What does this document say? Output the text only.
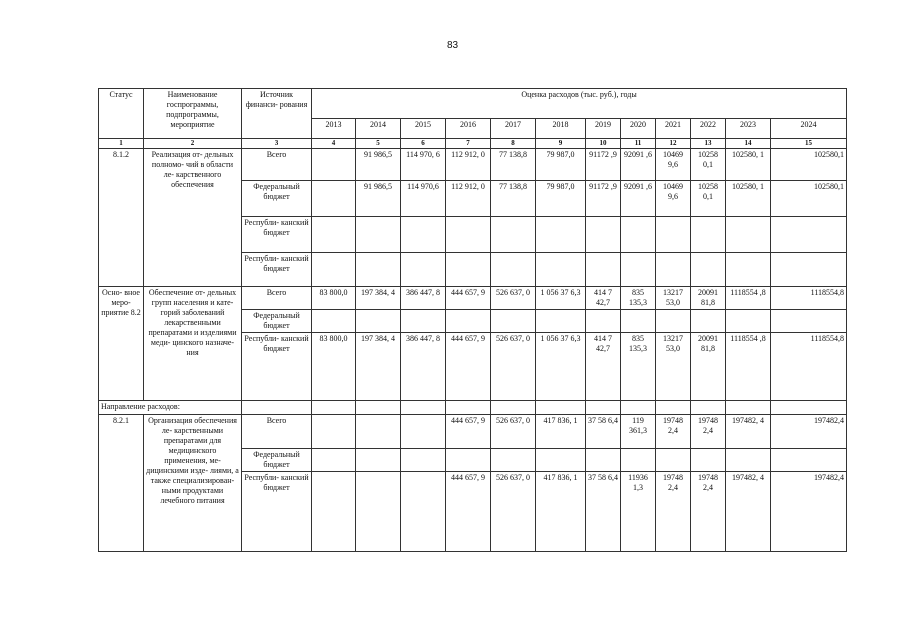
83
Статус	Наименование госпрограммы, подпрограммы, мероприятие	Источник финанси- рования	Оценка расходов (тыс. руб.), годы											
			2013	2014	2015	2016	2017	2018	2019	2020	2021	2022	2023	2024
1	2	3	4	5	6	7	8	9	10	11	12	13	14	15
8.1.2	Реализация от- дельных полномо- чий в области ле- карственного обеспечения	Всего		91 986,5	114 970, 6	112 912, 0	77 138,8	79 987,0	91172 ,9	92091 ,6	10469 9,6	10258 0,1	102580, 1	102580,1
		Федеральный бюджет		91 986,5	114 970,6	112 912, 0	77 138,8	79 987,0	91172 ,9	92091 ,6	10469 9,6	10258 0,1	102580, 1	102580,1
		Республи- канский бюджет												
		Республи- канский бюджет												
Осно- вное меро- приятие 8.2	Обеспечение от- дельных групп населения и кате- горий заболеваний лекарственными препаратами и изделиями меди- цинского назначе- ния	Всего	83 800,0	197 384, 4	386 447, 8	444 657, 9	526 637, 0	1 056 37 6,3	414 7 42,7	835 135,3	13217 53,0	20091 81,8	1118554 ,8	1118554,8
		Федеральный бюджет												
		Республи- канский бюджет	83 800,0	197 384, 4	386 447, 8	444 657, 9	526 637, 0	1 056 37 6,3	414 7 42,7	835 135,3	13217 53,0	20091 81,8	1118554 ,8	1118554,8
Направление расходов:														
8.2.1	Организация обеспечения ле- карственными препаратами для медицинского применения, ме- дицинскими изде- лиями, а также специализирован- ными продуктами лечебного питания	Всего				444 657, 9	526 637, 0	417 836, 1	37 58 6,4	119 361,3	19748 2,4	19748 2,4	197482, 4	197482,4
		Федеральный бюджет												
		Республи- канский бюджет				444 657, 9	526 637, 0	417 836, 1	37 58 6,4	11936 1,3	19748 2,4	19748 2,4	197482, 4	197482,4
